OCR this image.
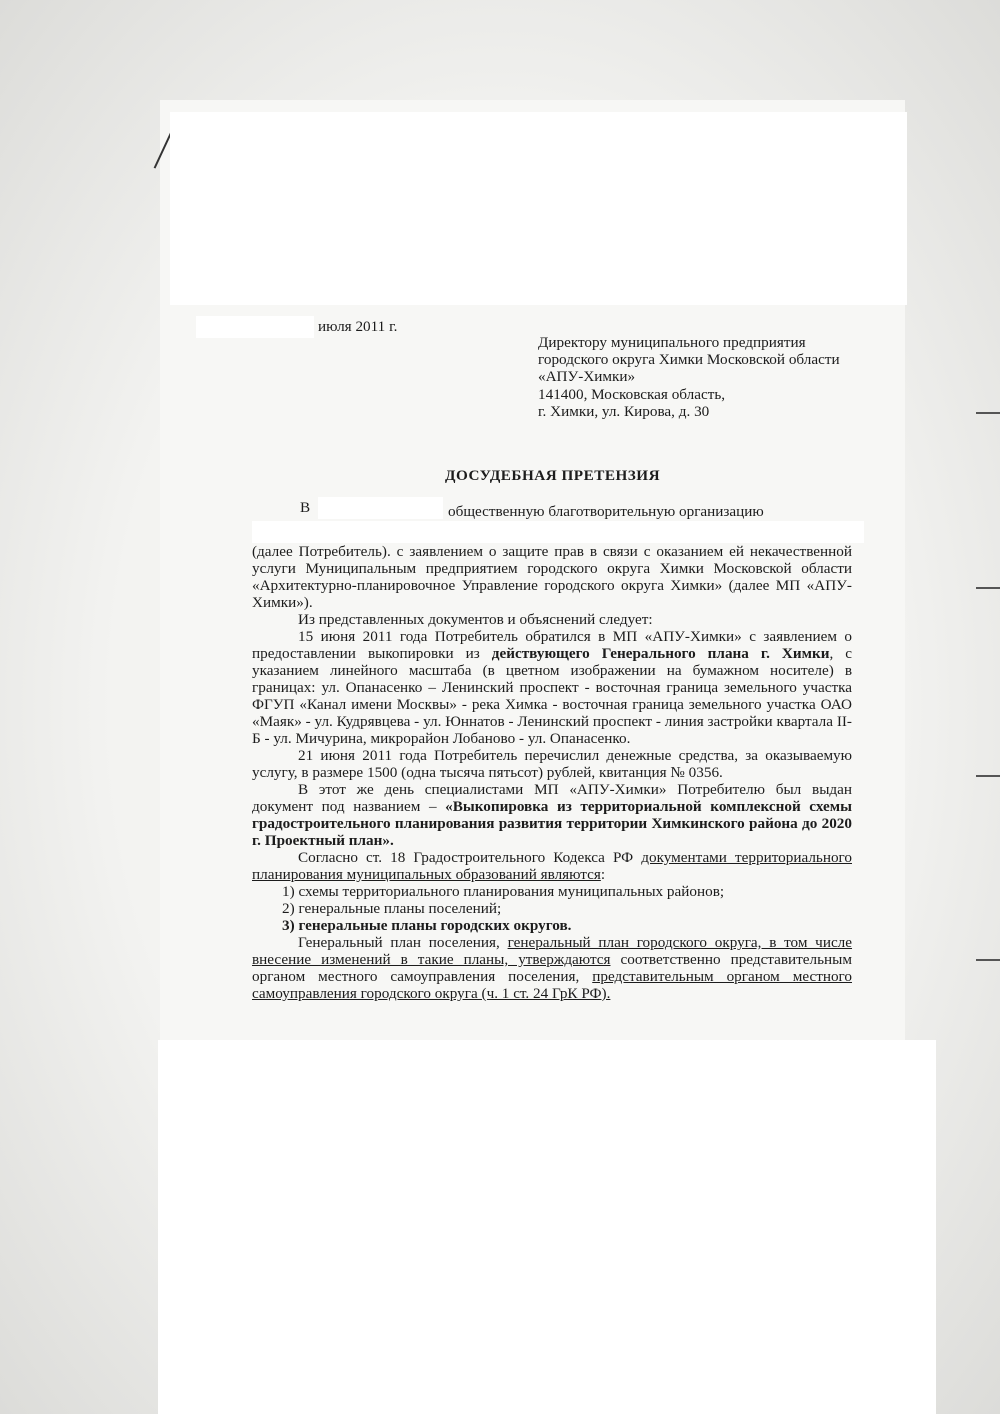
июля 2011 г.
Директору муниципального предприятия
городского округа Химки Московской области
«АПУ-Химки»
141400, Московская область,
г. Химки, ул. Кирова, д. 30
ДОСУДЕБНАЯ ПРЕТЕНЗИЯ
В	общественную благотворительную организацию

(далее Потребитель). с заявлением о защите прав в связи с оказанием ей некачественной услуги Муниципальным предприятием городского округа Химки Московской области «Архитектурно-планировочное Управление городского округа Химки» (далее МП «АПУ-Химки»).

Из представленных документов и объяснений следует:

15 июня 2011 года Потребитель обратился в МП «АПУ-Химки» с заявлением о предоставлении выкопировки из действующего Генерального плана г. Химки, с указанием линейного масштаба (в цветном изображении на бумажном носителе) в границах: ул. Опанасенко – Ленинский проспект - восточная граница земельного участка ФГУП «Канал имени Москвы» - река Химка - восточная граница земельного участка ОАО «Маяк» - ул. Кудрявцева - ул. Юннатов - Ленинский проспект - линия застройки квартала II-Б - ул. Мичурина, микрорайон Лобаново - ул. Опанасенко.

21 июня 2011 года Потребитель перечислил денежные средства, за оказываемую услугу, в размере 1500 (одна тысяча пятьсот) рублей, квитанция № 0356.

В этот же день специалистами МП «АПУ-Химки» Потребителю был выдан документ под названием – «Выкопировка из территориальной комплексной схемы градостроительного планирования развития территории Химкинского района до 2020 г. Проектный план».

Согласно ст. 18 Градостроительного Кодекса РФ документами территориального планирования муниципальных образований являются:

1) схемы территориального планирования муниципальных районов;

2) генеральные планы поселений;

3) генеральные планы городских округов.

Генеральный план поселения, генеральный план городского округа, в том числе внесение изменений в такие планы, утверждаются соответственно представительным органом местного самоуправления поселения, представительным органом местного самоуправления городского округа (ч. 1 ст. 24 ГрК РФ).
